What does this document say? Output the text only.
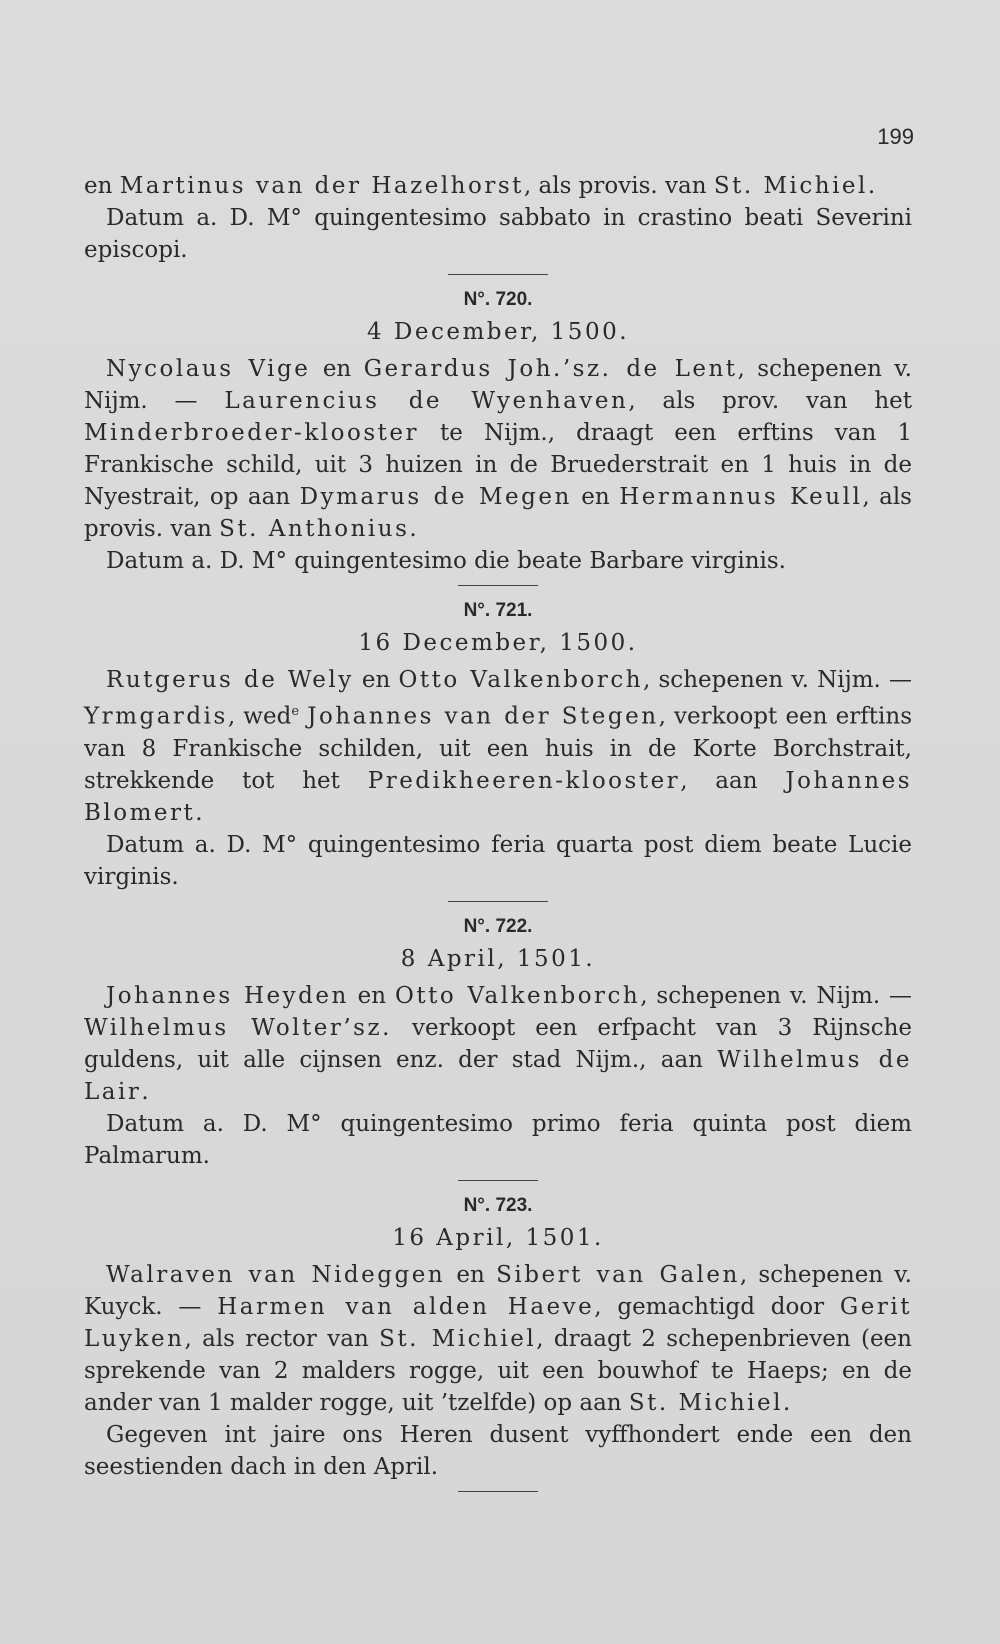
199

en Martinus van der Hazelhorst, als provis. van St. Michiel.

Datum a. D. M° quingentesimo sabbato in crastino beati Severini episcopi.

N°. 720.
4 December, 1500.

Nycolaus Vige en Gerardus Joh.’sz. de Lent, schepenen v. Nijm. — Laurencius de Wyenhaven, als prov. van het Minderbroeder-klooster te Nijm., draagt een erftins van 1 Frankische schild, uit 3 huizen in de Bruederstrait en 1 huis in de Nyestrait, op aan Dymarus de Megen en Hermannus Keull, als provis. van St. Anthonius.

Datum a. D. M° quingentesimo die beate Barbare virginis.

N°. 721.
16 December, 1500.

Rutgerus de Wely en Otto Valkenborch, schepenen v. Nijm. — Yrmgardis, wed$^e$ Johannes van der Stegen, verkoopt een erftins van 8 Frankische schilden, uit een huis in de Korte Borchstrait, strekkende tot het Predikheeren-klooster, aan Johannes Blomert.

Datum a. D. M° quingentesimo feria quarta post diem beate Lucie virginis.

N°. 722.
8 April, 1501.

Johannes Heyden en Otto Valkenborch, schepenen v. Nijm. — Wilhelmus Wolter’sz. verkoopt een erfpacht van 3 Rijnsche guldens, uit alle cijnsen enz. der stad Nijm., aan Wilhelmus de Lair.

Datum a. D. M° quingentesimo primo feria quinta post diem Palmarum.

N°. 723.
16 April, 1501.

Walraven van Nideggen en Sibert van Galen, schepenen v. Kuyck. — Harmen van alden Haeve, gemachtigd door Gerit Luyken, als rector van St. Michiel, draagt 2 schepenbrieven (een sprekende van 2 malders rogge, uit een bouwhof te Haeps; en de ander van 1 malder rogge, uit ’tzelfde) op aan St. Michiel.

Gegeven int jaire ons Heren dusent vyffhondert ende een den seestienden dach in den April.
